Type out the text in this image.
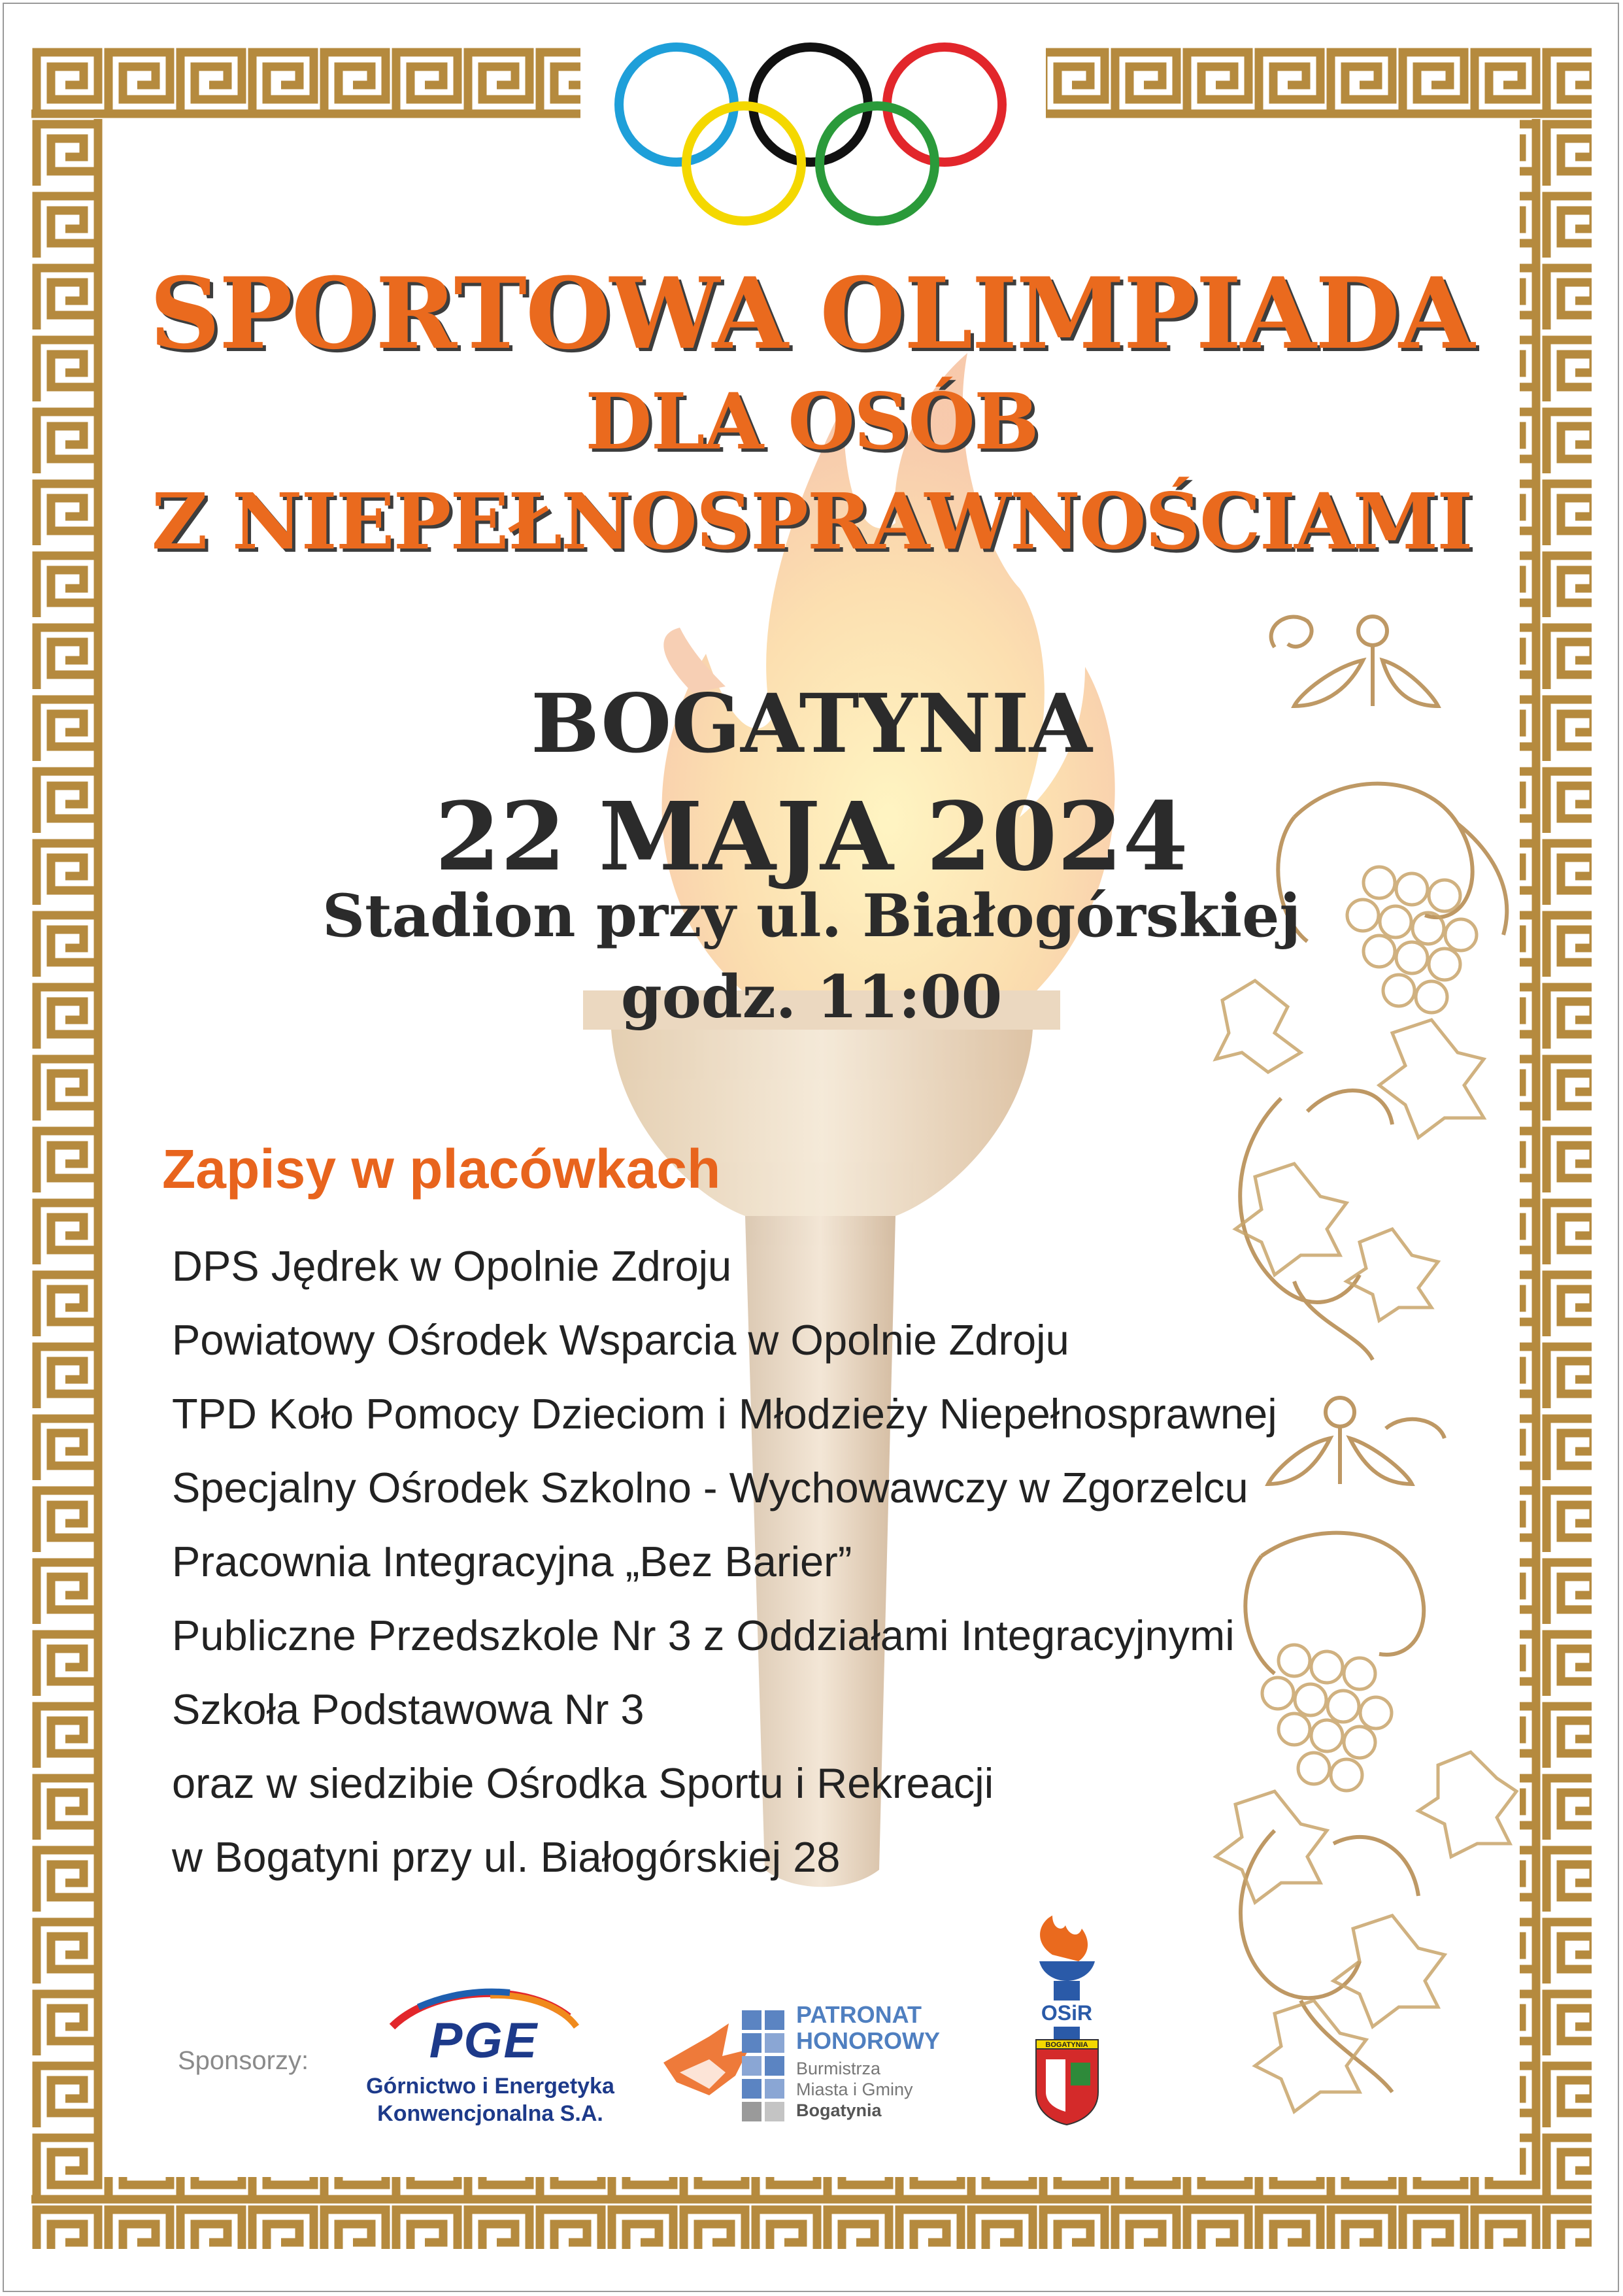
SPORTOWA OLIMPIADA
DLA OSÓB
Z NIEPEŁNOSPRAWNOŚCIAMI

BOGATYNIA

22 MAJA 2024

Stadion przy ul. Białogórskiej

godz. 11:00

Zapisy w placówkach
DPS Jędrek w Opolnie Zdroju
Powiatowy Ośrodek Wsparcia w Opolnie Zdroju
TPD Koło Pomocy Dzieciom i Młodzieży Niepełnosprawnej
Specjalny Ośrodek Szkolno - Wychowawczy w Zgorzelcu
Pracownia Integracyjna „Bez Barier”
Publiczne Przedszkole Nr 3 z Oddziałami Integracyjnymi
Szkoła Podstawowa Nr 3
oraz w siedzibie Ośrodka Sportu i Rekreacji
w Bogatyni przy ul. Białogórskiej 28
Sponsorzy:	PGE
Górnictwo i Energetyka
Konwencjonalna S.A.
PATRONAT
HONOROWY
Burmistrza
Miasta i Gminy
Bogatynia
OSiR
BOGATYNIA
